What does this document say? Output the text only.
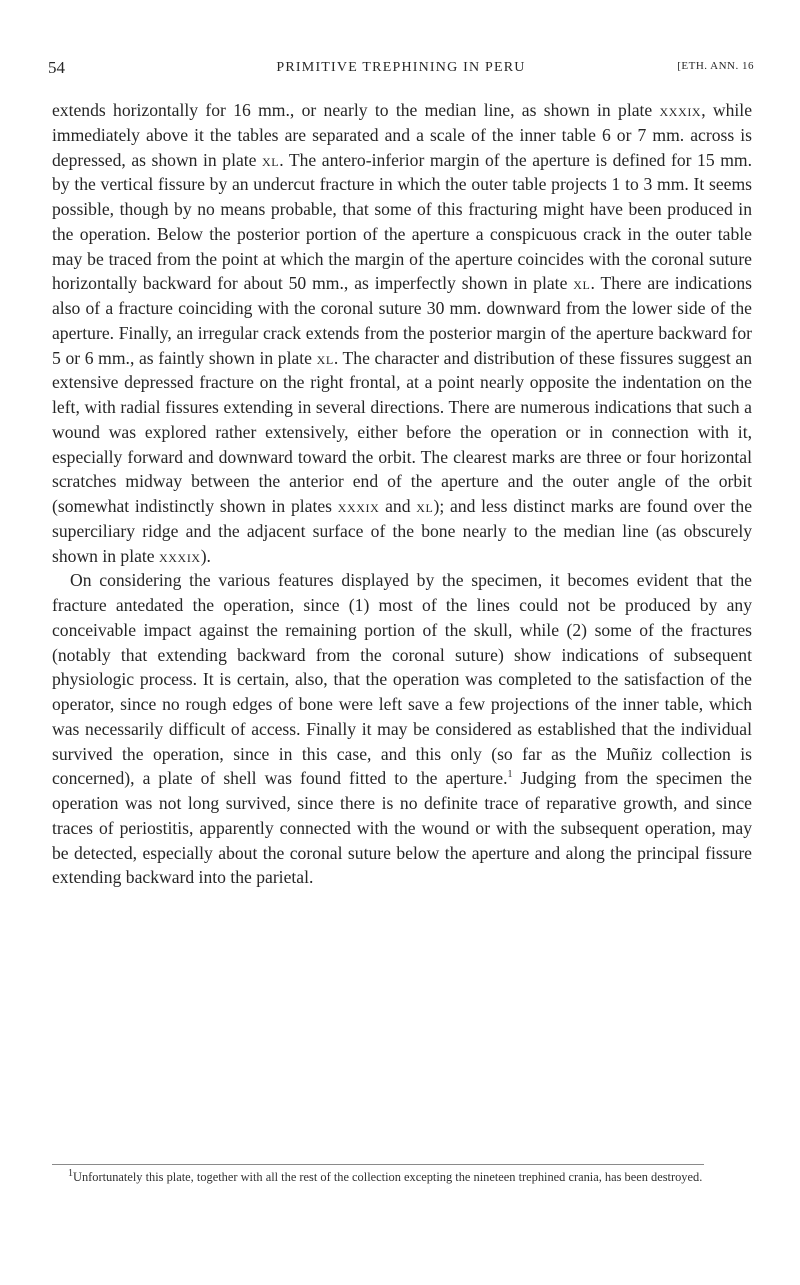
54	PRIMITIVE TREPHINING IN PERU	[ETH. ANN. 16

extends horizontally for 16 mm., or nearly to the median line, as shown in plate xxxix, while immediately above it the tables are separated and a scale of the inner table 6 or 7 mm. across is depressed, as shown in plate xl. The antero-inferior margin of the aperture is defined for 15 mm. by the vertical fissure by an undercut fracture in which the outer table projects 1 to 3 mm. It seems possible, though by no means probable, that some of this fracturing might have been produced in the operation. Below the posterior portion of the aperture a conspicuous crack in the outer table may be traced from the point at which the margin of the aperture coincides with the coronal suture horizontally backward for about 50 mm., as imperfectly shown in plate xl. There are indications also of a fracture coinciding with the coronal suture 30 mm. downward from the lower side of the aperture. Finally, an irregular crack extends from the posterior margin of the aperture backward for 5 or 6 mm., as faintly shown in plate xl. The character and distribution of these fissures suggest an extensive depressed fracture on the right frontal, at a point nearly opposite the indentation on the left, with radial fissures extending in several directions. There are numerous indications that such a wound was explored rather extensively, either before the operation or in connection with it, especially forward and downward toward the orbit. The clearest marks are three or four horizontal scratches midway between the anterior end of the aperture and the outer angle of the orbit (somewhat indistinctly shown in plates xxxix and xl); and less distinct marks are found over the superciliary ridge and the adjacent surface of the bone nearly to the median line (as obscurely shown in plate xxxix).

On considering the various features displayed by the specimen, it becomes evident that the fracture antedated the operation, since (1) most of the lines could not be produced by any conceivable impact against the remaining portion of the skull, while (2) some of the fractures (notably that extending backward from the coronal suture) show indications of subsequent physiologic process. It is certain, also, that the operation was completed to the satisfaction of the operator, since no rough edges of bone were left save a few projections of the inner table, which was necessarily difficult of access. Finally it may be considered as established that the individual survived the operation, since in this case, and this only (so far as the Muñiz collection is concerned), a plate of shell was found fitted to the aperture.$^1$ Judging from the specimen the operation was not long survived, since there is no definite trace of reparative growth, and since traces of periostitis, apparently connected with the wound or with the subsequent operation, may be detected, especially about the coronal suture below the aperture and along the principal fissure extending backward into the parietal.

$^1$Unfortunately this plate, together with all the rest of the collection excepting the nineteen trephined crania, has been destroyed.
